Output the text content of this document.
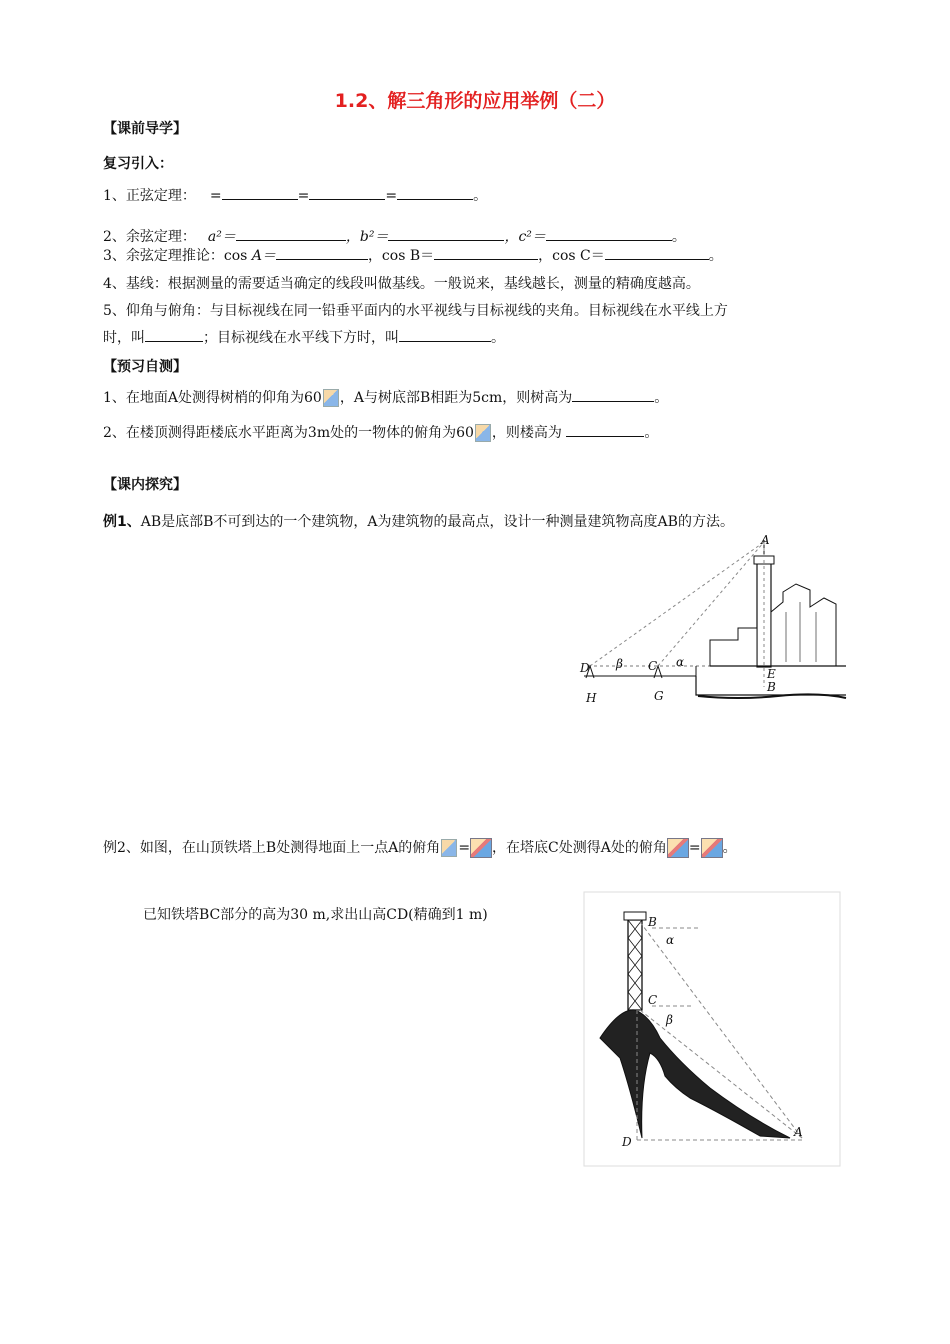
1.2、解三角形的应用举例（二）
【课前导学】
复习引入：
1、正弦定理： =	=	=	。
2、余弦定理： a²＝	，b²＝	，c²＝	。
3、余弦定理推论：cos A＝	，cos B＝	，cos C＝	。
4、基线：根据测量的需要适当确定的线段叫做基线。一般说来，基线越长，测量的精确度越高。
5、仰角与俯角：与目标视线在同一铅垂平面内的水平视线与目标视线的夹角。目标视线在水平线上方
时，叫	；目标视线在水平线下方时，叫	。
【预习自测】
1、在地面A处测得树梢的仰角为60 ，A与树底部B相距为5cm，则树高为	。
2、在楼顶测得距楼底水平距离为3m处的一物体的俯角为60 ，则楼高为	。
【课内探究】
例1、AB是底部B不可到达的一个建筑物，A为建筑物的最高点，设计一种测量建筑物高度AB的方法。
A
D β C α
E
B
H	G
例2、如图，在山顶铁塔上B处测得地面上一点A的俯角 = ，在塔底C处测得A处的俯角 = 。
已知铁塔BC部分的高为30 m,求出山高CD(精确到1 m)	B
α
C
β
D
A
